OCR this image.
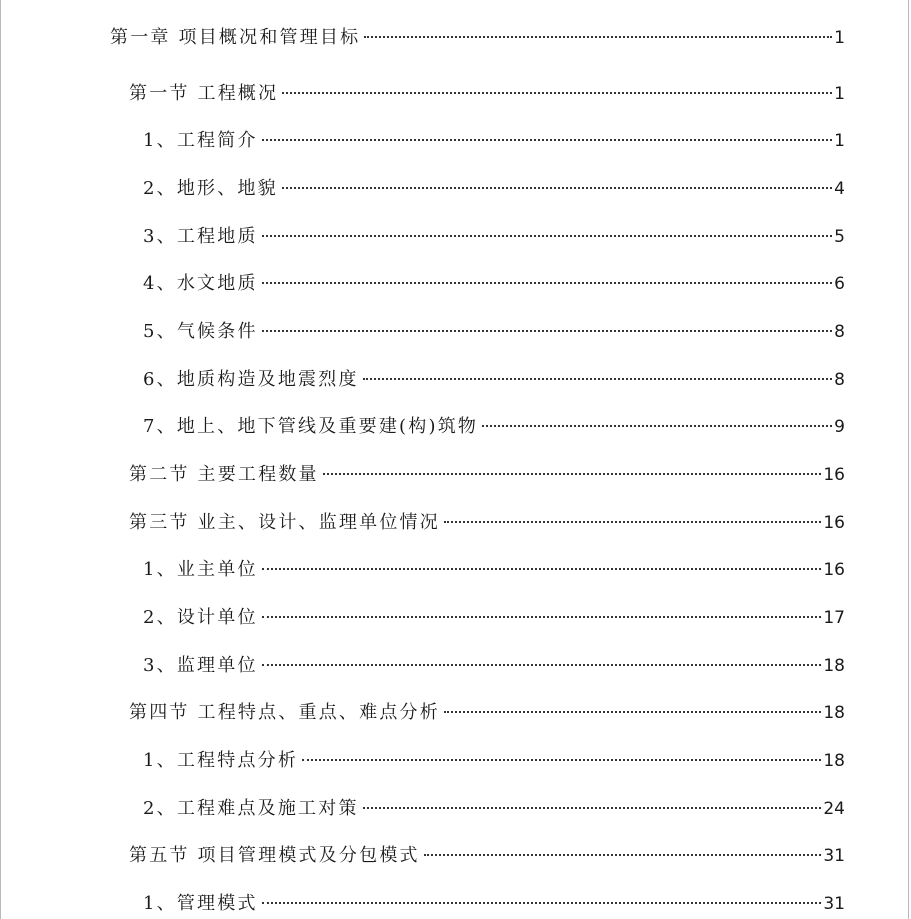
第一章 项目概况和管理目标	1
第一节 工程概况	1
1、工程简介	1
2、地形、地貌	4
3、工程地质	5
4、水文地质	6
5、气候条件	8
6、地质构造及地震烈度	8
7、地上、地下管线及重要建(构)筑物	9
第二节 主要工程数量	16
第三节 业主、设计、监理单位情况	16
1、业主单位	16
2、设计单位	17
3、监理单位	18
第四节 工程特点、重点、难点分析	18
1、工程特点分析	18
2、工程难点及施工对策	24
第五节 项目管理模式及分包模式	31
1、管理模式	31
